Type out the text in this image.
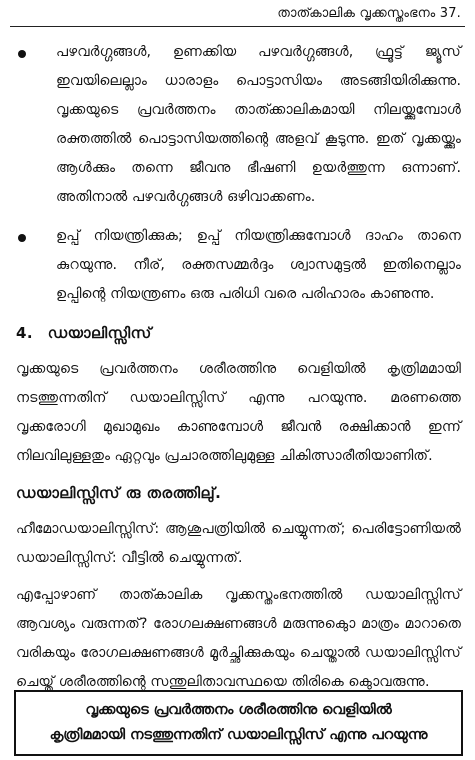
താത്കാലിക വൃക്കസ്തംഭനം 37.
പഴവർഗ്ഗങ്ങൾ, ഉണക്കിയ പഴവർഗ്ഗങ്ങൾ, ഫ്രൂട്ട് ജ്യൂസ് ഇവയിലെല്ലാം ധാരാളം പൊട്ടാസിയം അടങ്ങിയിരിക്കുന്നു. വൃക്കയുടെ പ്രവർത്തനം താത്ക്കാലികമായി നിലയ്ക്കുമ്പോൾ രക്തത്തിൽ പൊട്ടാസിയത്തിന്റെ അളവ് കൂടുന്നു. ഇത് വൃക്കയ്ക്കും ആൾക്കും തന്നെ ജീവനു ഭീഷണി ഉയർത്തുന്ന ഒന്നാണ്. അതിനാൽ പഴവർഗ്ഗങ്ങൾ ഒഴിവാക്കണം.
ഉപ്പ് നിയന്ത്രിക്കുക; ഉപ്പ് നിയന്ത്രിക്കുമ്പോൾ ദാഹം താനെ കുറയുന്നു. നീര്, രക്തസമ്മർദ്ദം ശ്വാസമുട്ടൽ ഇതിനെല്ലാം ഉപ്പിന്റെ നിയന്ത്രണം ഒരു പരിധി വരെ പരിഹാരം കാണുന്നു.
4. ഡയാലിസ്സിസ്
വൃക്കയുടെ പ്രവർത്തനം ശരീരത്തിനു വെളിയിൽ കൃത്രിമമായി നടത്തുന്നതിന് ഡയാലിസ്സിസ് എന്നു പറയുന്നു. മരണത്തെ വൃക്കരോഗി മുഖാമുഖം കാണുമ്പോൾ ജീവൻ രക്ഷിക്കാൻ ഇന്ന് നിലവിലുള്ളതും ഏറ്റവും പ്രചാരത്തിലുമുള്ള ചികിത്സാരീതിയാണിത്.
ഡയാലിസ്സിസ് രു തരത്തിലു്.
ഹീമോഡയാലിസ്സിസ്: ആശുപത്രിയിൽ ചെയ്യുന്നത്; പെരിട്ടോണിയൽ ഡയാലിസ്സിസ്: വീട്ടിൽ ചെയ്യുന്നത്.
എപ്പോഴാണ് താത്കാലിക വൃക്കസ്തംഭനത്തിൽ ഡയാലിസ്സിസ് ആവശ്യം വരുന്നത്? രോഗലക്ഷണങ്ങൾ മരുന്നുകൊു മാത്രം മാറാതെ വരികയും രോഗലക്ഷണങ്ങൾ മൂർച്ഛിക്കുകയും ചെയ്താൽ ഡയാലിസ്സിസ് ചെയ്ത് ശരീരത്തിന്റെ സന്തുലിതാവസ്ഥയെ തിരികെ കൊുവരുന്നു.
വൃക്കയുടെ പ്രവർത്തനം ശരീരത്തിനു വെളിയിൽ
കൃത്രിമമായി നടത്തുന്നതിന് ഡയാലിസ്സിസ് എന്നു പറയുന്നു
